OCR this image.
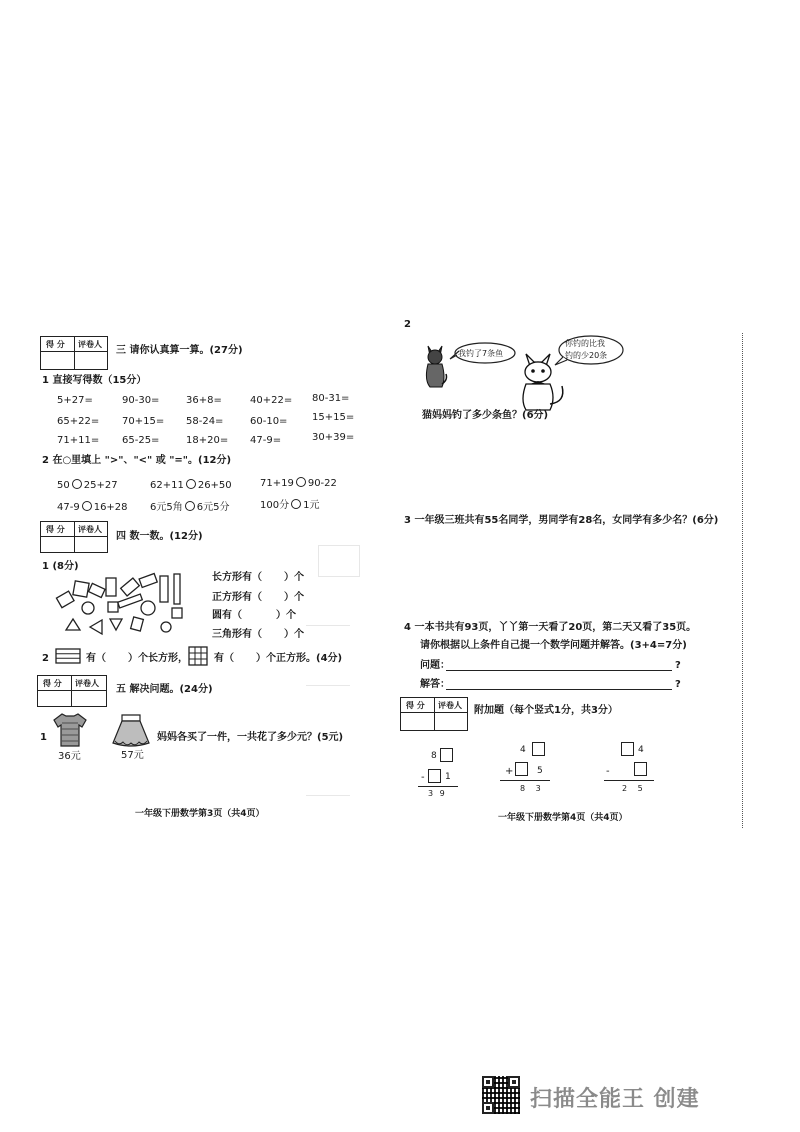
得 分 评卷人
三 请你认真算一算。(27分)
1 直接写得数（15分）
5+27=	90-30=	36+8=	40+22= 80-31=
65+22= 70+15= 58-24=	60-10= 15+15=
71+11= 65-25=	18+20= 47-9=	30+39=
2 在○里填上 ">"、"<" 或 "="。(12分)
50 25+27	62+11 26+50	71+19 90-22
47-9 16+28 6元5角 6元5分	100分 1元
得 分 评卷人
四 数一数。(12分)
1 (8分)
长方形有（ ）个
正方形有（ ）个
圆有（	）个
三角形有（ ）个
2	有（ ）个长方形，	有（ ）个正方形。(4分)
得 分 评卷人
五 解决问题。(24分)
1
36元	57元
妈妈各买了一件，一共花了多少元？(5元)
一年级下册数学第3页（共4页）
2
我钓了7条鱼
你钓的比我
钓的少20条
猫妈妈钓了多少条鱼？(6分)
3 一年级三班共有55名同学，男同学有28名，女同学有多少名？(6分)
4 一本书共有93页，丫丫第一天看了20页，第二天又看了35页。
请你根据以上条件自己提一个数学问题并解答。(3+4=7分)
问题：	?
解答：	?
得 分 评卷人 附加题（每个竖式1分，共3分）
8
- 1
3 9
4
+	5
8 3
4
-
2 5
一年级下册数学第4页（共4页）
扫描全能王 创建
